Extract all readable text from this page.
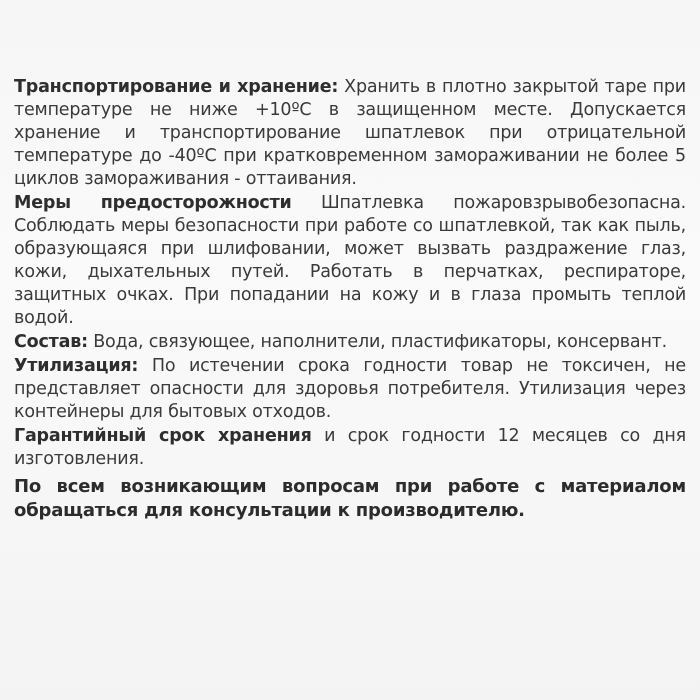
Транспортирование и хранение: Хранить в плотно закрытой таре при температуре не ниже +10ºС в защищенном месте. Допускается хранение и транспортирование шпатлевок при отрицательной температуре до -40ºС при кратковременном замораживании не более 5 циклов замораживания - оттаивания.

Меры предосторожности Шпатлевка пожаровзрывобезопасна. Соблюдать меры безопасности при работе со шпатлевкой, так как пыль, образующаяся при шлифовании, может вызвать раздражение глаз, кожи, дыхательных путей. Работать в перчатках, респираторе, защитных очках. При попадании на кожу и в глаза промыть теплой водой.

Состав: Вода, связующее, наполнители, пластификаторы, консервант.

Утилизация: По истечении срока годности товар не токсичен, не представляет опасности для здоровья потребителя. Утилизация через контейнеры для бытовых отходов.

Гарантийный срок хранения и срок годности 12 месяцев со дня изготовления.

По всем возникающим вопросам при работе с материалом обращаться для консультации к производителю.
